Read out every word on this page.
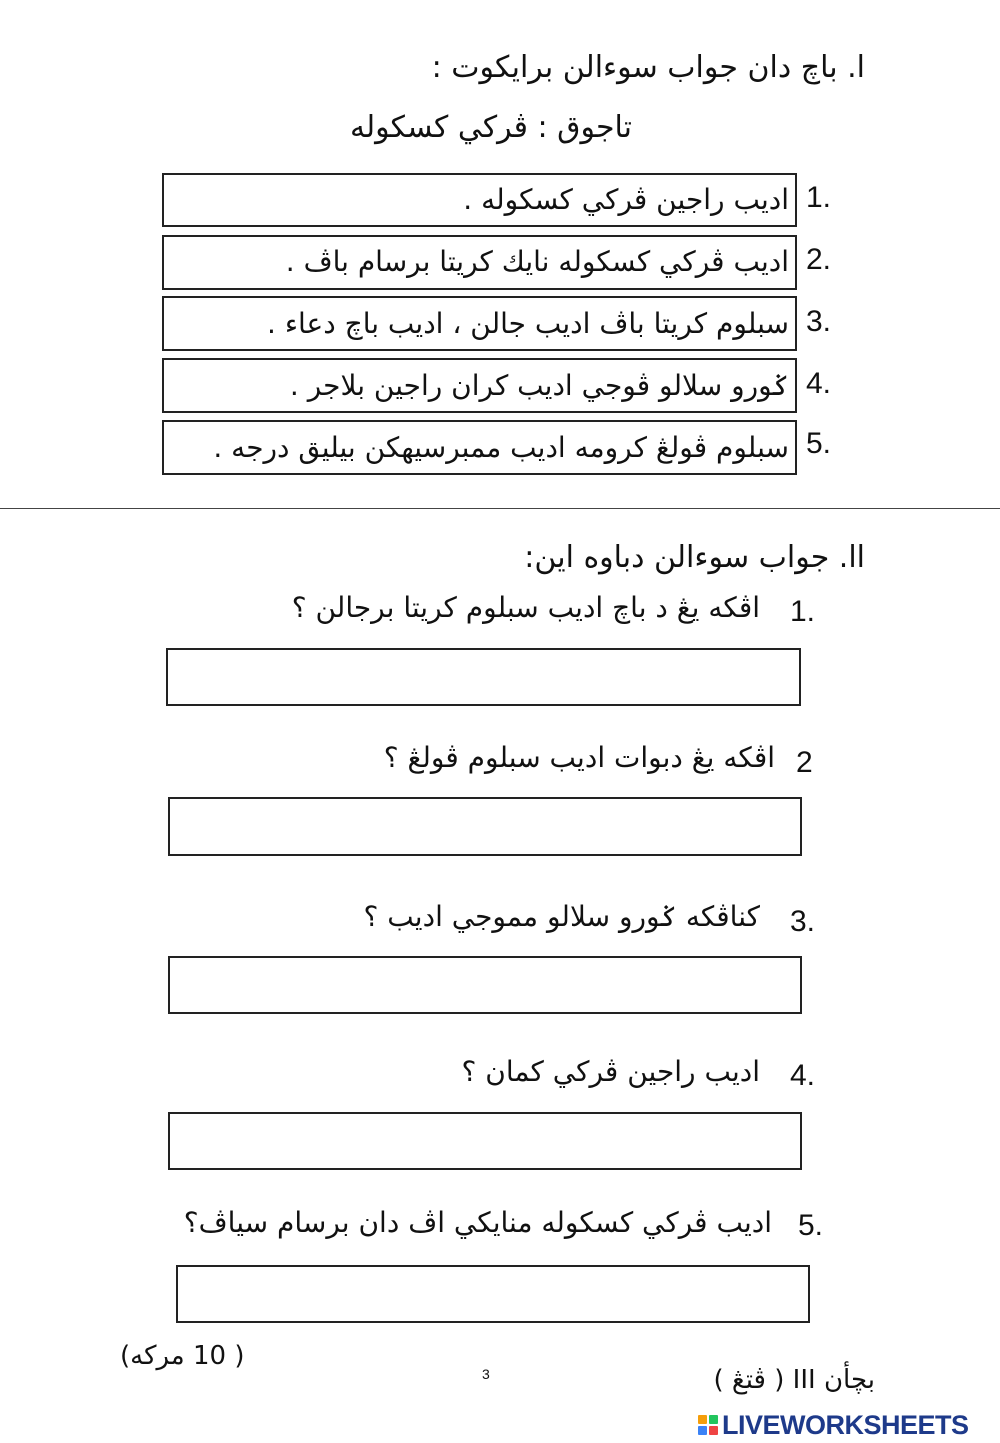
ا. باچ دان جواب سوءالن برايكوت :
تاجوق : ڤرکي كسکوله
1.
اديب راجين ڤرکي كسکوله .
2.
اديب ڤرکي كسکوله نايك كريتا برسام باڤ .
3.
سبلوم كريتا باڤ اديب جالن ، اديب باچ دعاء .
4.
ݢورو سلالو ڤوجي اديب كران راجين بلاجر .
5.
سبلوم ڤولڠ كرومه اديب ممبرسيهکن بيليق درجه .
اا. جواب سوءالن دباوه اين:
1.
اڤكه يڠ د باچ اديب سبلوم كريتا برجالن ؟
2
اڤكه يڠ دبوات اديب سبلوم ڤولڠ ؟
3.
كناڤكه ݢورو سلالو مموجي اديب ؟
4.
اديب راجين ڤرکي كمان ؟
5.
اديب ڤرکي كسکوله منايکي اڤ دان برسام سياڤ؟
( 10 مركه)
3	بچأن III ( ڤتڠ )
LIVEWORKSHEETS
